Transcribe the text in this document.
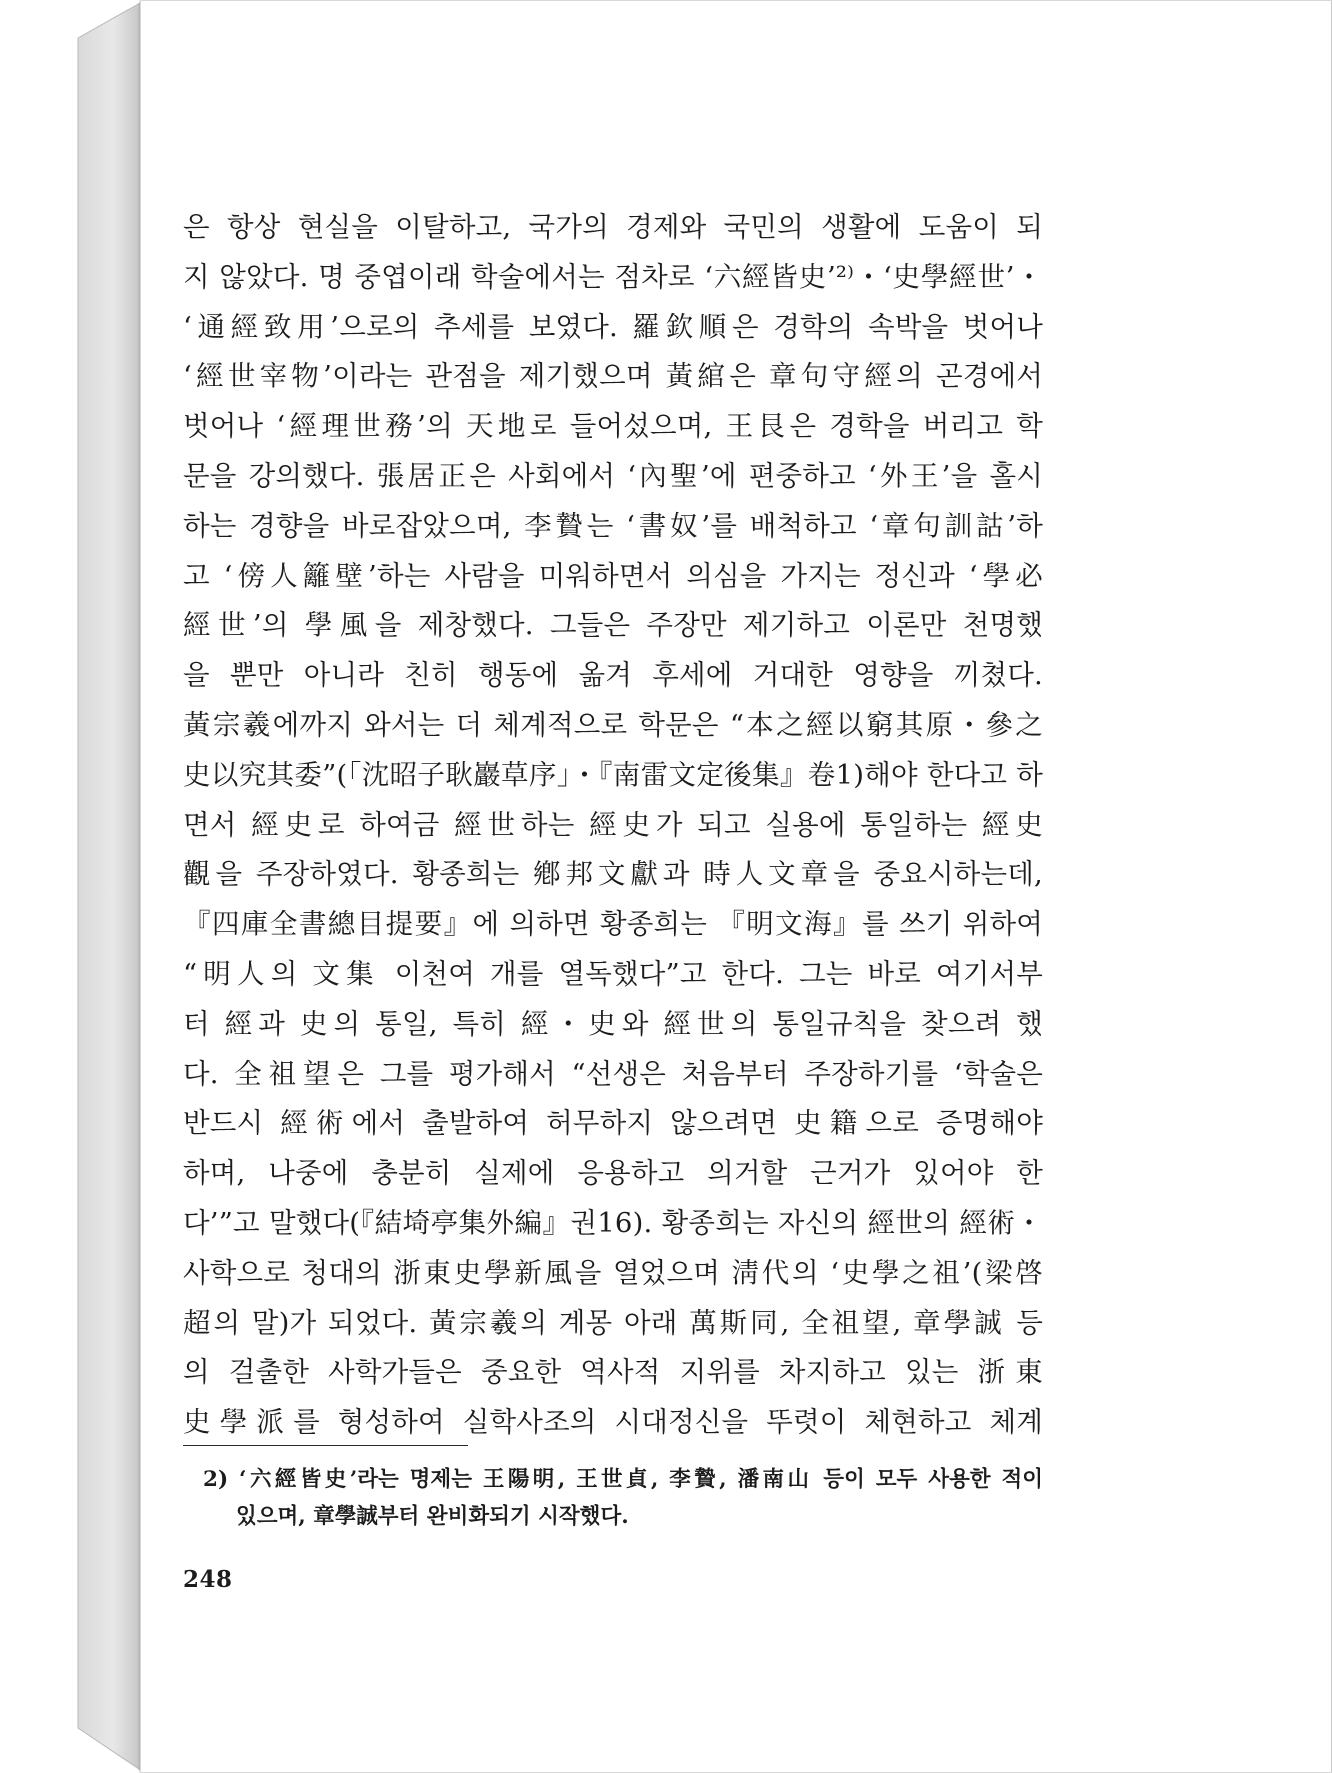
은 항상 현실을 이탈하고, 국가의 경제와 국민의 생활에 도움이 되
지 않았다. 명 중엽이래 학술에서는 점차로 ‘六經皆史’²⁾・‘史學經世’・
‘通經致用’으로의 추세를 보였다. 羅欽順은 경학의 속박을 벗어나
‘經世宰物’이라는 관점을 제기했으며 黃綰은 章句守經의 곤경에서
벗어나 ‘經理世務’의 天地로 들어섰으며, 王艮은 경학을 버리고 학
문을 강의했다. 張居正은 사회에서 ‘內聖’에 편중하고 ‘外王’을 홀시
하는 경향을 바로잡았으며, 李贄는 ‘書奴’를 배척하고 ‘章句訓詁’하
고 ‘傍人籬壁’하는 사람을 미워하면서 의심을 가지는 정신과 ‘學必
經世’의 學風을 제창했다. 그들은 주장만 제기하고 이론만 천명했
을 뿐만 아니라 친히 행동에 옮겨 후세에 거대한 영향을 끼쳤다.
黃宗羲에까지 와서는 더 체계적으로 학문은 “本之經以窮其原・參之
史以究其委”(「沈昭子耿巖草序」・『南雷文定後集』卷1)해야 한다고 하
면서 經史로 하여금 經世하는 經史가 되고 실용에 통일하는 經史
觀을 주장하였다. 황종희는 鄕邦文獻과 時人文章을 중요시하는데,
『四庫全書總目提要』에 의하면 황종희는 『明文海』를 쓰기 위하여
“明人의 文集 이천여 개를 열독했다”고 한다. 그는 바로 여기서부
터 經과 史의 통일, 특히 經・史와 經世의 통일규칙을 찾으려 했
다. 全祖望은 그를 평가해서 “선생은 처음부터 주장하기를 ‘학술은
반드시 經術에서 출발하여 허무하지 않으려면 史籍으로 증명해야
하며, 나중에 충분히 실제에 응용하고 의거할 근거가 있어야 한
다’”고 말했다(『結埼亭集外編』권16). 황종희는 자신의 經世의 經術・
사학으로 청대의 浙東史學新風을 열었으며 淸代의 ‘史學之祖’(梁啓
超의 말)가 되었다. 黃宗羲의 계몽 아래 萬斯同, 全祖望, 章學誠 등
의 걸출한 사학가들은 중요한 역사적 지위를 차지하고 있는 浙東
史學派를 형성하여 실학사조의 시대정신을 뚜렷이 체현하고 체계
2) ‘六經皆史’라는 명제는 王陽明, 王世貞, 李贄, 潘南山 등이 모두 사용한 적이
있으며, 章學誠부터 완비화되기 시작했다.
248
